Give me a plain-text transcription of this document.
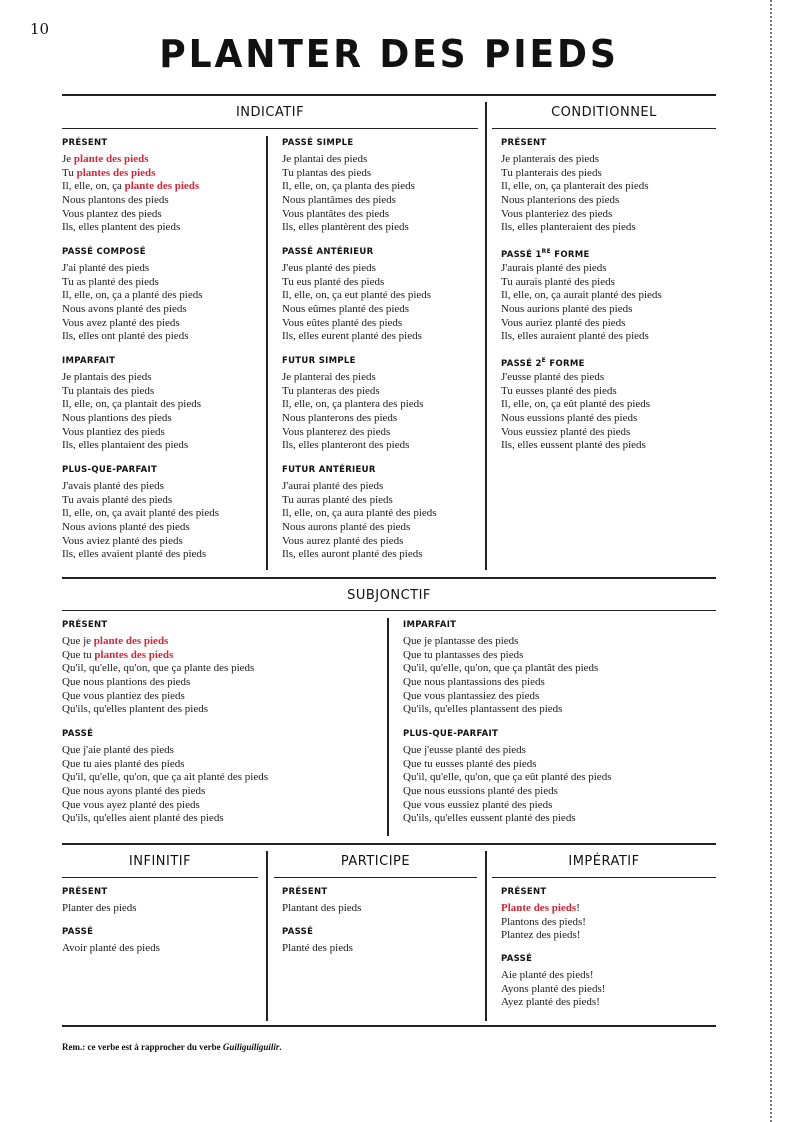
10
PLANTER DES PIEDS
INDICATIF	CONDITIONNEL
PRÉSENT
Je plante des pieds
Tu plantes des pieds
Il, elle, on, ça plante des pieds
Nous plantons des pieds
Vous plantez des pieds
Ils, elles plantent des pieds
PASSÉ COMPOSÉ
J'ai planté des pieds
Tu as planté des pieds
Il, elle, on, ça a planté des pieds
Nous avons planté des pieds
Vous avez planté des pieds
Ils, elles ont planté des pieds
IMPARFAIT
Je plantais des pieds
Tu plantais des pieds
Il, elle, on, ça plantait des pieds
Nous plantions des pieds
Vous plantiez des pieds
Ils, elles plantaient des pieds
PLUS-QUE-PARFAIT
J'avais planté des pieds
Tu avais planté des pieds
Il, elle, on, ça avait planté des pieds
Nous avions planté des pieds
Vous aviez planté des pieds
Ils, elles avaient planté des pieds
PASSÉ SIMPLE
Je plantai des pieds
Tu plantas des pieds
Il, elle, on, ça planta des pieds
Nous plantâmes des pieds
Vous plantâtes des pieds
Ils, elles plantèrent des pieds
PASSÉ ANTÉRIEUR
J'eus planté des pieds
Tu eus planté des pieds
Il, elle, on, ça eut planté des pieds
Nous eûmes planté des pieds
Vous eûtes planté des pieds
Ils, elles eurent planté des pieds
FUTUR SIMPLE
Je planterai des pieds
Tu planteras des pieds
Il, elle, on, ça plantera des pieds
Nous planterons des pieds
Vous planterez des pieds
Ils, elles planteront des pieds
FUTUR ANTÉRIEUR
J'aurai planté des pieds
Tu auras planté des pieds
Il, elle, on, ça aura planté des pieds
Nous aurons planté des pieds
Vous aurez planté des pieds
Ils, elles auront planté des pieds
PRÉSENT
Je planterais des pieds
Tu planterais des pieds
Il, elle, on, ça planterait des pieds
Nous planterions des pieds
Vous planteriez des pieds
Ils, elles planteraient des pieds
PASSÉ 1RE FORME
J'aurais planté des pieds
Tu aurais planté des pieds
Il, elle, on, ça aurait planté des pieds
Nous aurions planté des pieds
Vous auriez planté des pieds
Ils, elles auraient planté des pieds
PASSÉ $2^E$ FORME
J'eusse planté des pieds
Tu eusses planté des pieds
Il, elle, on, ça eût planté des pieds
Nous eussions planté des pieds
Vous eussiez planté des pieds
Ils, elles eussent planté des pieds
SUBJONCTIF
PRÉSENT
Que je plante des pieds
Que tu plantes des pieds
Qu'il, qu'elle, qu'on, que ça plante des pieds
Que nous plantions des pieds
Que vous plantiez des pieds
Qu'ils, qu'elles plantent des pieds
PASSÉ
Que j'aie planté des pieds
Que tu aies planté des pieds
Qu'il, qu'elle, qu'on, que ça ait planté des pieds
Que nous ayons planté des pieds
Que vous ayez planté des pieds
Qu'ils, qu'elles aient planté des pieds
IMPARFAIT
Que je plantasse des pieds
Que tu plantasses des pieds
Qu'il, qu'elle, qu'on, que ça plantât des pieds
Que nous plantassions des pieds
Que vous plantassiez des pieds
Qu'ils, qu'elles plantassent des pieds
PLUS-QUE-PARFAIT
Que j'eusse planté des pieds
Que tu eusses planté des pieds
Qu'il, qu'elle, qu'on, que ça eût planté des pieds
Que nous eussions planté des pieds
Que vous eussiez planté des pieds
Qu'ils, qu'elles eussent planté des pieds
INFINITIF	PARTICIPE	IMPÉRATIF
PRÉSENT
Planter des pieds
PASSÉ
Avoir planté des pieds
PRÉSENT
Plantant des pieds
PASSÉ
Planté des pieds
PRÉSENT
Plante des pieds!
Plantons des pieds!
Plantez des pieds!
PASSÉ
Aie planté des pieds!
Ayons planté des pieds!
Ayez planté des pieds!
Rem.: ce verbe est à rapprocher du verbe Guiliguiliguilir.
